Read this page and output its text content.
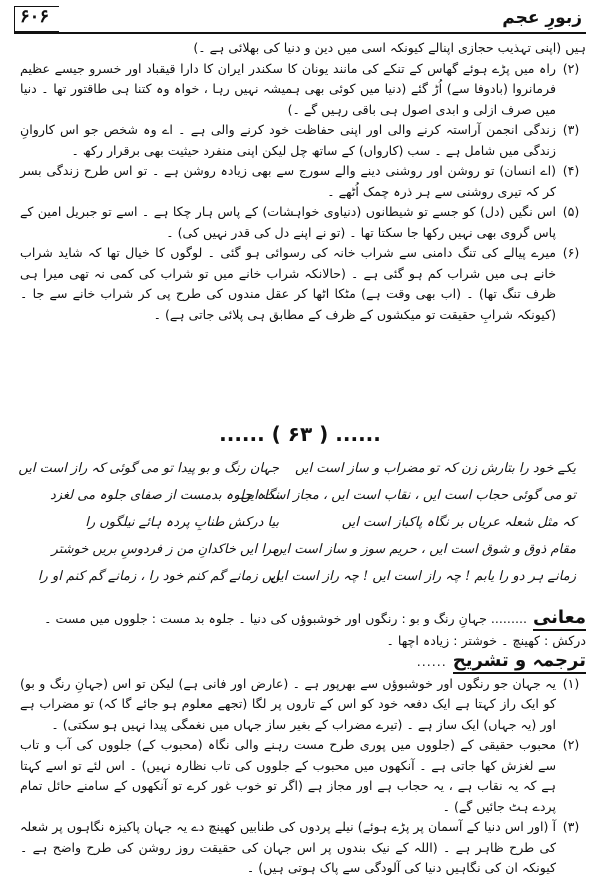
۶۰۶	زبورِ عجم

ہیں (اپنی تہذیب حجازی اپنالے کیونکہ اسی میں دین و دنیا کی بھلائی ہے ۔)

(۲)
راہ میں پڑے ہوئے گھاس کے تنکے کی مانند یونان کا سکندر ایران کا دارا قیقباد اور خسرو جیسے عظیم فرمانروا (بادوفا سے) اُڑ گئے (دنیا میں کوئی بھی ہمیشہ نہیں رہا ، خواہ وہ کتنا ہی طاقتور تھا ۔ دنیا میں صرف ازلی و ابدی اصول ہی باقی رہیں گے ۔)
(۳)
زندگی انجمن آراستہ کرنے والی اور اپنی حفاظت خود کرنے والی ہے ۔ اے وہ شخص جو اس کاروانِ زندگی میں شامل ہے ۔ سب (کارواں) کے ساتھ چل لیکن اپنی منفرد حیثیت بھی برقرار رکھ ۔
(۴)
(اے انسان) تو روشن اور روشنی دینے والے سورج سے بھی زیادہ روشن ہے ۔ تو اس طرح زندگی بسر کر کہ تیری روشنی سے ہر ذرہ چمک اُٹھے ۔
(۵)
اس نگیں (دل) کو جسے تو شیطانوں (دنیاوی خواہشات) کے پاس ہار چکا ہے ۔ اسے تو جبریل امین کے پاس گروی بھی نہیں رکھا جا سکتا تھا ۔ (تو نے اپنے دل کی قدر نہیں کی) ۔
(۶)
میرے پیالے کی تنگ دامنی سے شراب خانہ کی رسوائی ہو گئی ۔ لوگوں کا خیال تھا کہ شاید شراب خانے ہی میں شراب کم ہو گئی ہے ۔ (حالانکہ شراب خانے میں تو شراب کی کمی نہ تھی میرا ہی ظرف تنگ تھا) ۔ (اب بھی وقت ہے) مٹکا اٹھا کر عقل مندوں کی طرح پی کر شراب خانے سے جا ۔ (کیونکہ شرابِ حقیقت تو میکشوں کے ظرف کے مطابق ہی پلائی جاتی ہے) ۔
...... ( ۶۳ ) ......
جہان رنگ و بو پیدا تو می گوئی کہ راز است ایں
نگاہ جلوہ بدمست از صفای جلوہ می لغزد
بیا درکش طنابِ پردہ ہائے نیلگوں را
مرا ایں خاکدانِ من ز فردوسِ بریں خوشتر
ایں زمانے گم کنم خود را ، زمانے گم کنم او را
یکے خود را بتارش زن کہ تو مضراب و ساز است ایں
تو می گوئی حجاب است ایں ، نقاب است ایں ، مجاز است ایں
کہ مثل شعلہ عریاں بر نگاہ پاکباز است ایں
مقام ذوق و شوق است ایں ، حریم سوز و ساز است ایں
زمانے ہر دو را یابم ! چہ راز است ایں ! چہ راز است ایں
معانی......... جہانِ رنگ و بو : رنگوں اور خوشبوؤں کی دنیا ۔ جلوہ بد مست : جلووں میں مست ۔ درکش : کھینچ ۔ خوشتر : زیادہ اچھا ۔
ترجمہ و تشریح......
(۱)
یہ جہان جو رنگوں اور خوشبوؤں سے بھرپور ہے ۔ (عارض اور فانی ہے) لیکن تو اس (جہانِ رنگ و بو) کو ایک راز کہتا ہے ایک دفعہ خود کو اس کے تاروں پر لگا (تجھے معلوم ہو جائے گا کہ) تو مضراب ہے اور (یہ جہاں) ایک ساز ہے ۔ (تیرے مضراب کے بغیر ساز جہاں میں نغمگی پیدا نہیں ہو سکتی) ۔
(۲)
محبوب حقیقی کے (جلووں میں پوری طرح مست رہنے والی نگاہ (محبوب کے) جلووں کی آب و تاب سے لغزش کھا جاتی ہے ۔ آنکھوں میں محبوب کے جلووں کی تاب نظارہ نہیں) ۔ اس لئے تو اسے کہتا ہے کہ یہ نقاب ہے ، یہ حجاب ہے اور مجاز ہے (اگر تو خوب غور کرے تو آنکھوں کے سامنے حائل تمام پردے ہٹ جائیں گے) ۔
(۳)
آ (اور اس دنیا کے آسمان پر پڑے ہوئے) نیلے پردوں کی طنابیں کھینچ دے یہ جہان پاکیزہ نگاہوں پر شعلہ کی طرح ظاہر ہے ۔ (اللہ کے نیک بندوں پر اس جہان کی حقیقت روز روشن کی طرح واضح ہے ۔ کیونکہ ان کی نگاہیں دنیا کی آلودگی سے پاک ہوتی ہیں) ۔
